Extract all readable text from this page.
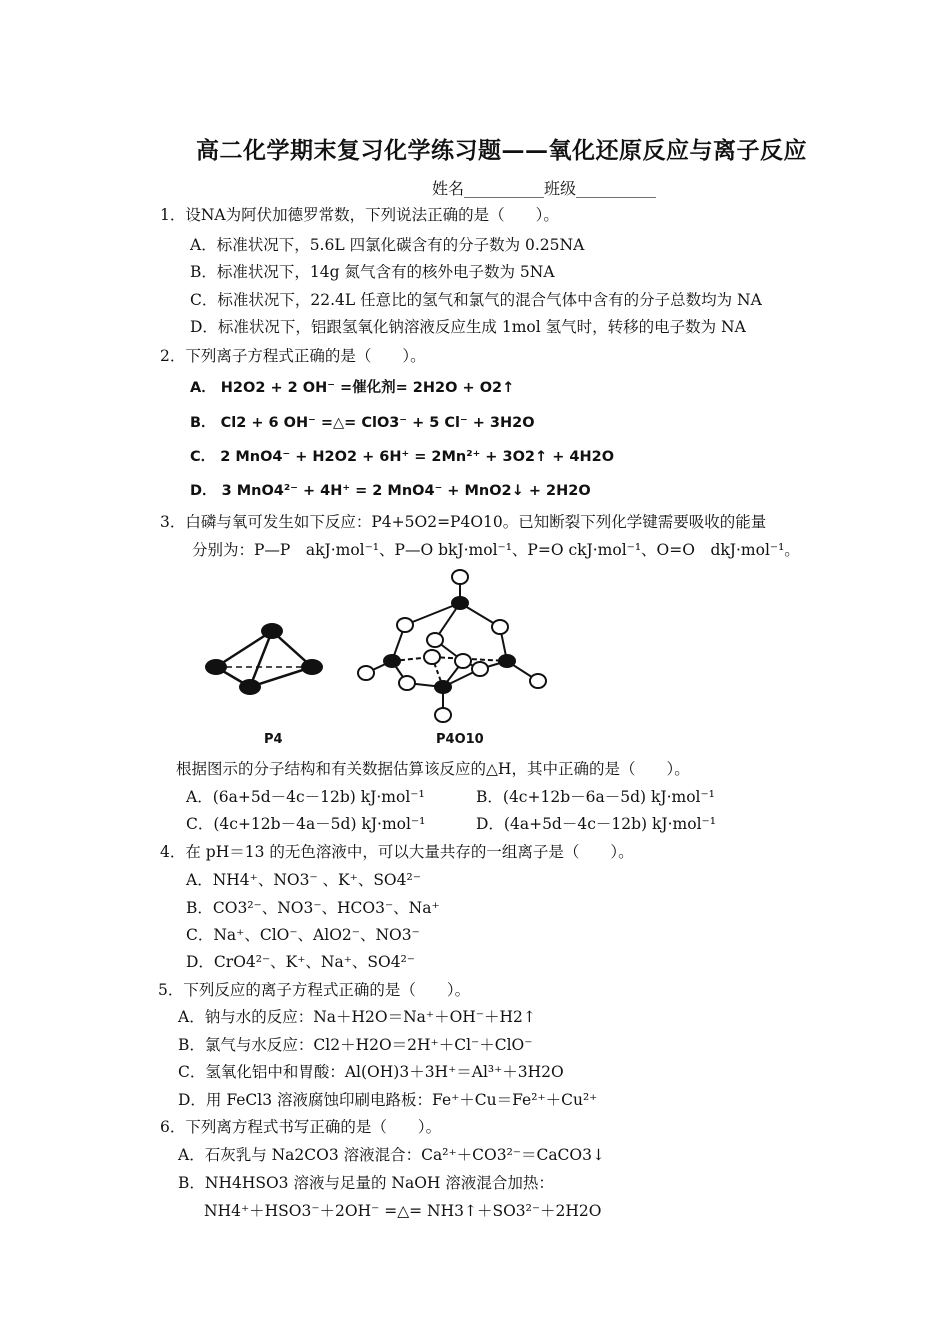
高二化学期末复习化学练习题——氧化还原反应与离子反应
姓名__________班级__________
1．设NA为阿伏加德罗常数，下列说法正确的是（　　）。
A．标准状况下，5.6L 四氯化碳含有的分子数为 0.25NA
B．标准状况下，14g 氮气含有的核外电子数为 5NA
C．标准状况下，22.4L 任意比的氢气和氯气的混合气体中含有的分子总数均为 NA
D．标准状况下，铝跟氢氧化钠溶液反应生成 1mol 氢气时，转移的电子数为 NA
2．下列离子方程式正确的是（　　）。
A． H2O2 + 2 OH⁻ =催化剂= 2H2O + O2↑
B． Cl2 + 6 OH⁻ =△= ClO3⁻ + 5 Cl⁻ + 3H2O
C． 2 MnO4⁻ + H2O2 + 6H⁺ = 2Mn²⁺ + 3O2↑ + 4H2O
D． 3 MnO4²⁻ + 4H⁺ = 2 MnO4⁻ + MnO2↓ + 2H2O
3．白磷与氧可发生如下反应：P4+5O2=P4O10。已知断裂下列化学键需要吸收的能量
分别为：P—P　akJ·mol⁻¹、P—O bkJ·mol⁻¹、P=O ckJ·mol⁻¹、O=O　dkJ·mol⁻¹。
P4	P4O10
根据图示的分子结构和有关数据估算该反应的△H，其中正确的是（　　）。
A．(6a+5d－4c－12b) kJ·mol⁻¹	B．(4c+12b－6a－5d) kJ·mol⁻¹
C．(4c+12b－4a－5d) kJ·mol⁻¹	D．(4a+5d－4c－12b) kJ·mol⁻¹
4．在 pH＝13 的无色溶液中，可以大量共存的一组离子是（　　）。
A．NH4⁺、NO3⁻ 、K⁺、SO4²⁻
B．CO3²⁻、NO3⁻、HCO3⁻、Na⁺
C．Na⁺、ClO⁻、AlO2⁻、NO3⁻
D．CrO4²⁻、K⁺、Na⁺、SO4²⁻
5．下列反应的离子方程式正确的是（　　）。
A．钠与水的反应：Na＋H2O＝Na⁺＋OH⁻＋H2↑
B．氯气与水反应：Cl2＋H2O＝2H⁺＋Cl⁻＋ClO⁻
C．氢氧化铝中和胃酸：Al(OH)3＋3H⁺＝Al³⁺＋3H2O
D．用 FeCl3 溶液腐蚀印刷电路板：Fe⁺＋Cu＝Fe²⁺＋Cu²⁺
6．下列离方程式书写正确的是（　　）。
A．石灰乳与 Na2CO3 溶液混合：Ca²⁺＋CO3²⁻＝CaCO3↓
B．NH4HSO3 溶液与足量的 NaOH 溶液混合加热：
NH4⁺＋HSO3⁻＋2OH⁻ =△= NH3↑＋SO3²⁻＋2H2O
